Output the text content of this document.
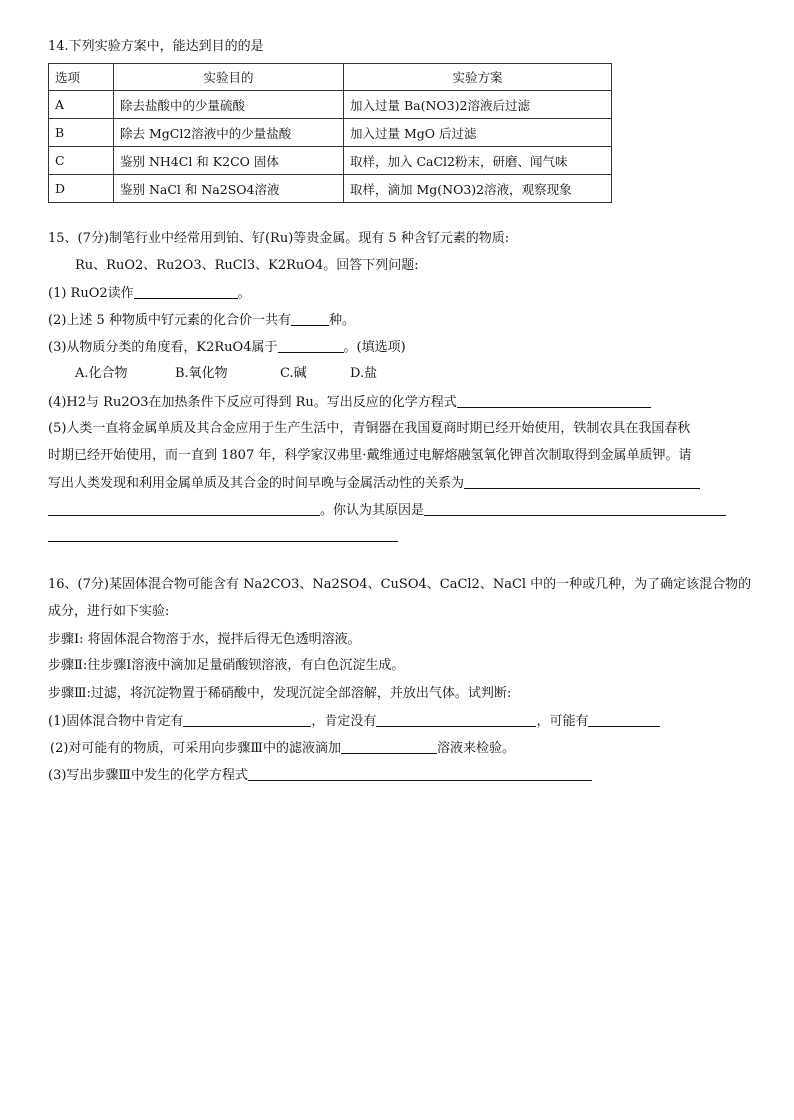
14.下列实验方案中，能达到目的的是
选项	实验目的	实验方案
A	除去盐酸中的少量硫酸	加入过量 Ba(NO3)2溶液后过滤
B	除去 MgCl2溶液中的少量盐酸	加入过量 MgO 后过滤
C	鉴别 NH4Cl 和 K2CO 固体	取样，加入 CaCl2粉末，研磨、闻气味
D	鉴别 NaCl 和 Na2SO4溶液	取样，滴加 Mg(NO3)2溶液，观察现象
15、(7分)制笔行业中经常用到铂、钌(Ru)等贵金属。现有 5 种含钌元素的物质:
Ru、RuO2、Ru2O3、RuCl3、K2RuO4。回答下列问题:
(1) RuO2读作	。
(2)上述 5 种物质中钌元素的化合价一共有	种。
(3)从物质分类的角度看，K2RuO4属于	。(填选项)
A.化合物	B.氧化物	C.碱	D.盐
(4)H2与 Ru2O3在加热条件下反应可得到 Ru。写出反应的化学方程式
(5)人类一直将金属单质及其合金应用于生产生活中，青铜器在我国夏商时期已经开始使用，铁制农具在我国春秋
时期已经开始使用，而一直到 1807 年，科学家汉弗里·戴维通过电解熔融氢氧化钾首次制取得到金属单质钾。请
写出人类发现和利用金属单质及其合金的时间早晚与金属活动性的关系为
。你认为其原因是
16、(7分)某固体混合物可能含有 Na2CO3、Na2SO4、CuSO4、CaCl2、NaCl 中的一种或几种，为了确定该混合物的
成分，进行如下实验:
步骤Ⅰ: 将固体混合物溶于水，搅拌后得无色透明溶液。
步骤Ⅱ:往步骤Ⅰ溶液中滴加足量硝酸钡溶液，有白色沉淀生成。
步骤Ⅲ:过滤，将沉淀物置于稀硝酸中，发现沉淀全部溶解，并放出气体。试判断:
(1)固体混合物中肯定有	，肯定没有	，可能有
(2)对可能有的物质，可采用向步骤Ⅲ中的滤液滴加	溶液来检验。
(3)写出步骤Ⅲ中发生的化学方程式
